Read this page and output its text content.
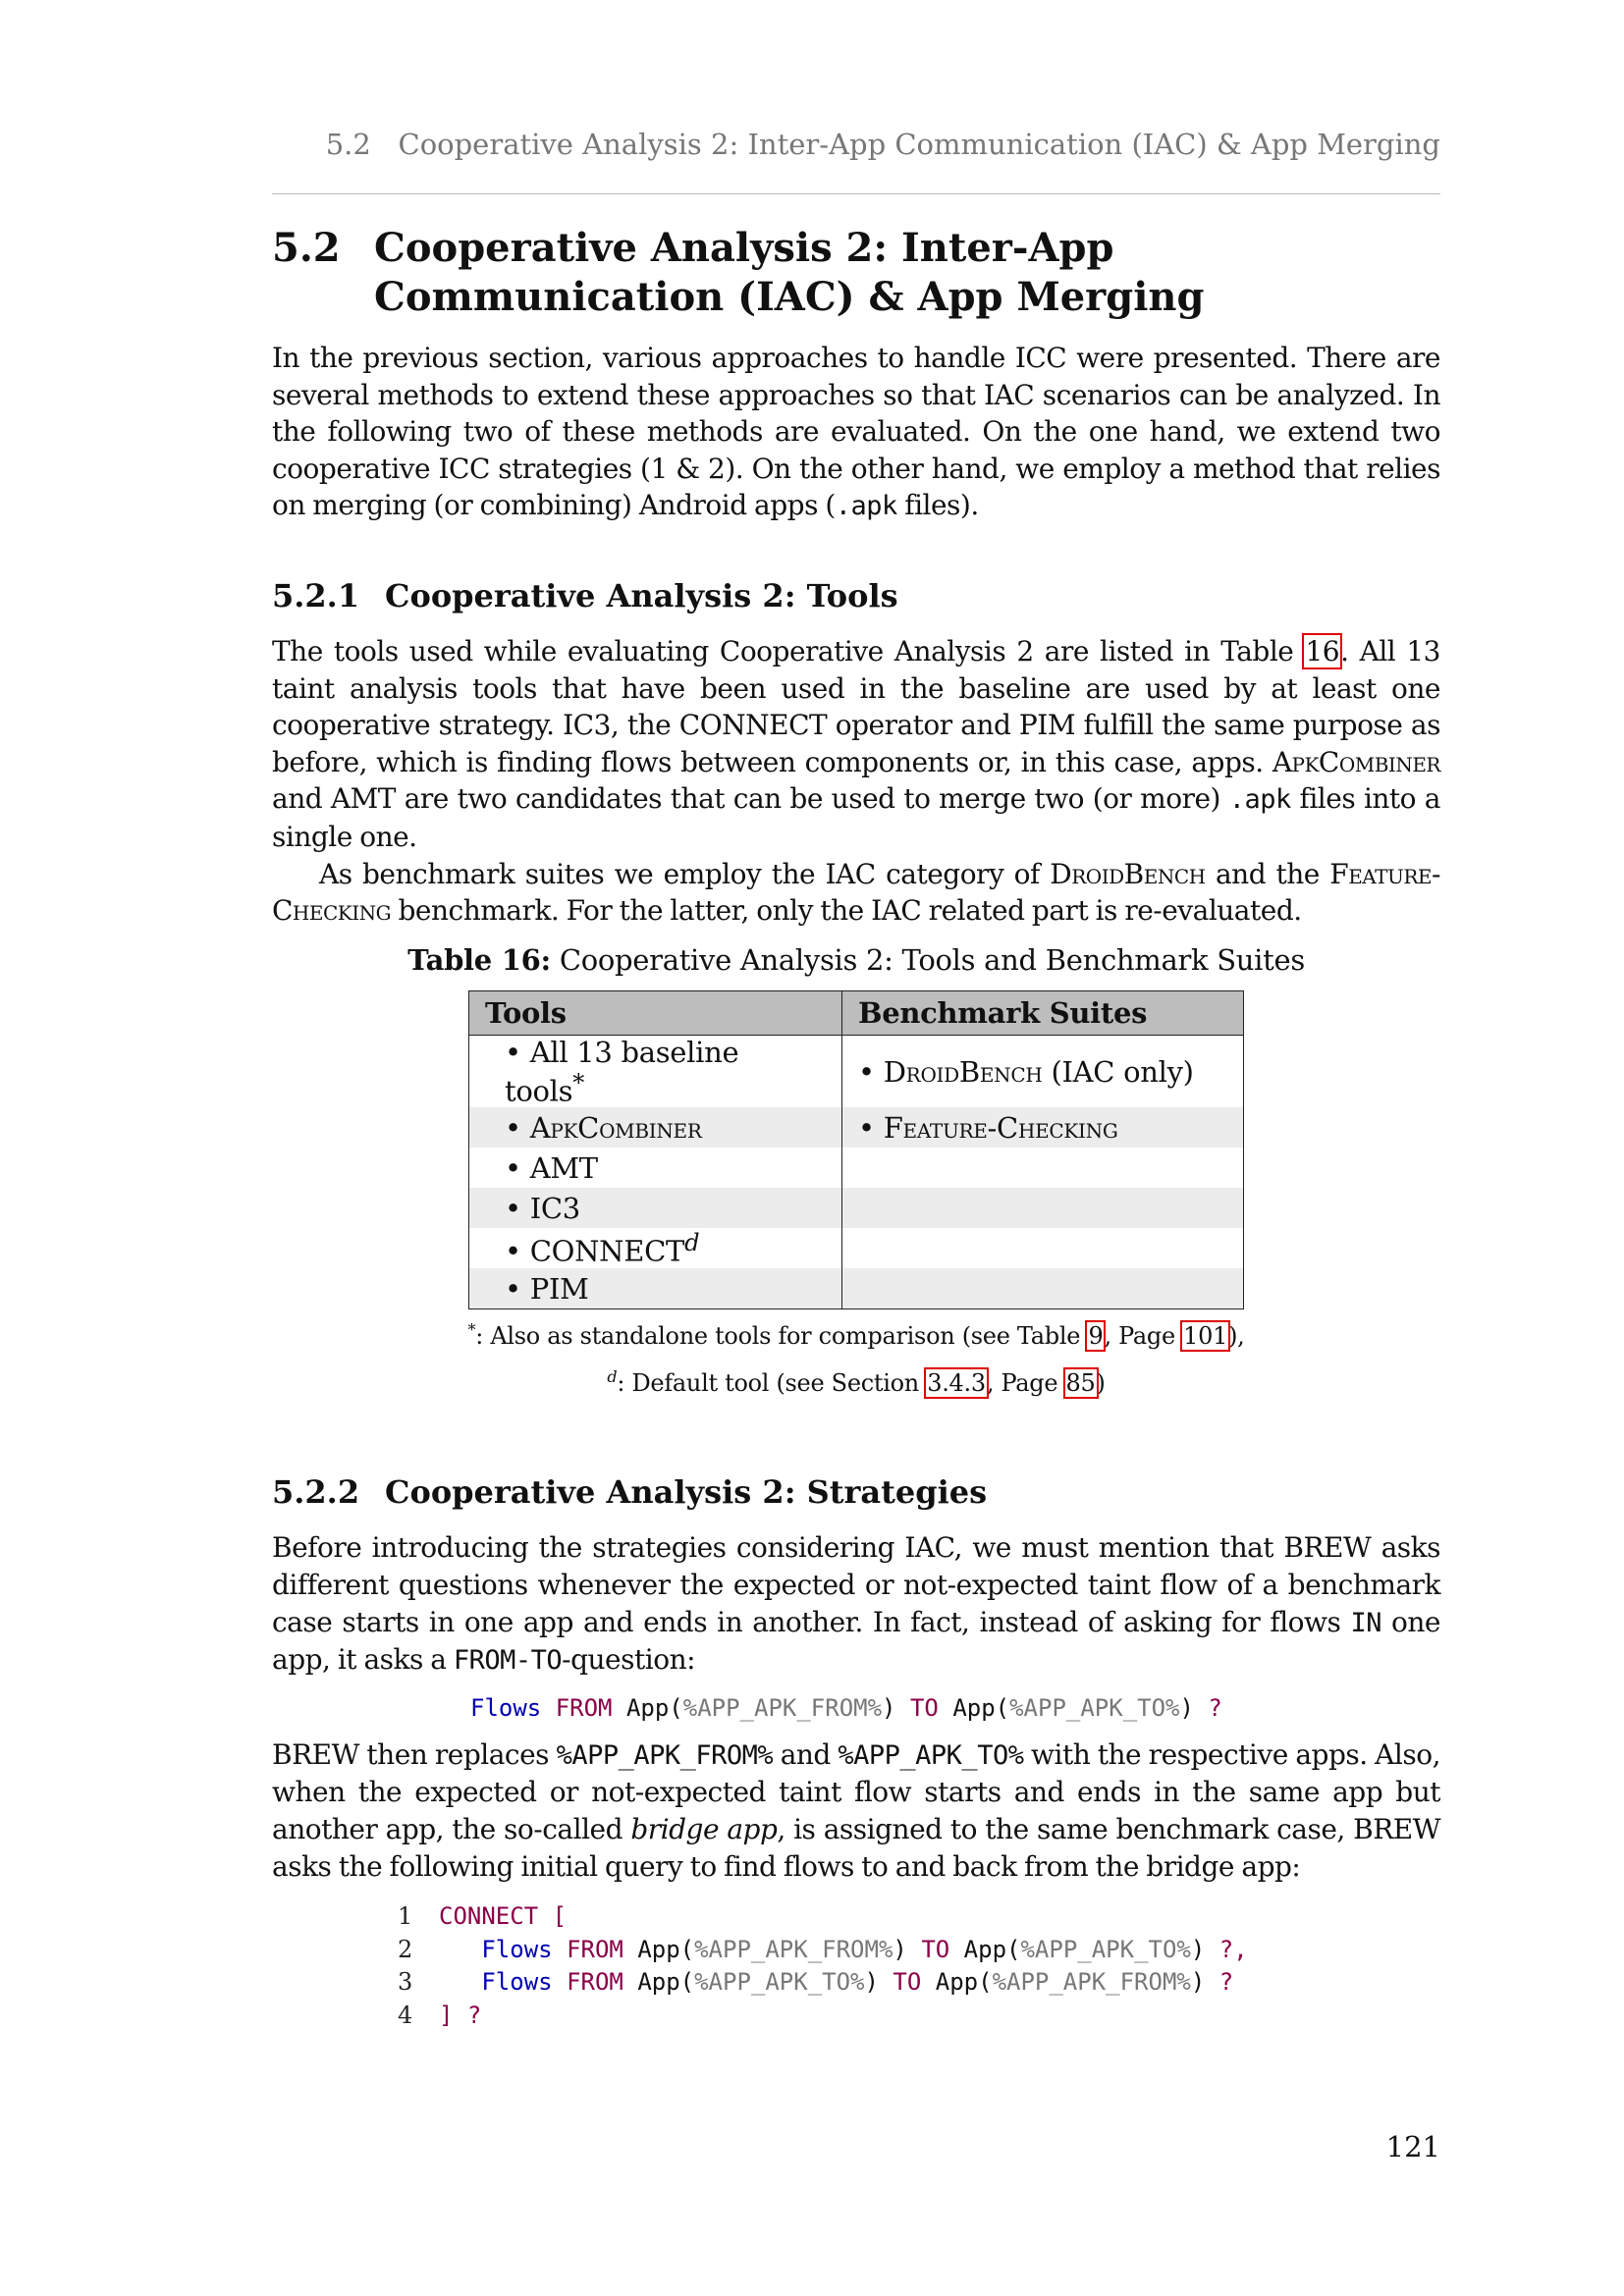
5.2   Cooperative Analysis 2: Inter-App Communication (IAC) & App Merging
5.2 Cooperative Analysis 2: Inter-App Communication (IAC) & App Merging

In the previous section, various approaches to handle ICC were presented. There are several methods to extend these approaches so that IAC scenarios can be analyzed. In the following two of these methods are evaluated. On the one hand, we extend two cooperative ICC strategies (1 & 2). On the other hand, we employ a method that relies on merging (or combining) Android apps (.apk files).

5.2.1 Cooperative Analysis 2: Tools

The tools used while evaluating Cooperative Analysis 2 are listed in Table 16. All 13 taint analysis tools that have been used in the baseline are used by at least one cooperative strategy. IC3, the CONNECT operator and PIM fulfill the same purpose as before, which is finding flows between components or, in this case, apps. ApkCombiner and AMT are two candidates that can be used to merge two (or more) .apk files into a single one.

As benchmark suites we employ the IAC category of DroidBench and the Feature-Checking benchmark. For the latter, only the IAC related part is re-evaluated.

Table 16: Cooperative Analysis 2: Tools and Benchmark Suites
Tools	Benchmark Suites
• All 13 baseline tools*	• DroidBench (IAC only)
• ApkCombiner	• Feature-Checking
• AMT	
• IC3	
• CONNECT$^d$	
• PIM	
*: Also as standalone tools for comparison (see Table 9, Page 101),
$^d$: Default tool (see Section 3.4.3, Page 85)
5.2.2 Cooperative Analysis 2: Strategies

Before introducing the strategies considering IAC, we must mention that BREW asks different questions whenever the expected or not-expected taint flow of a benchmark case starts in one app and ends in another. In fact, instead of asking for flows IN one app, it asks a FROM-TO-question:

Flows FROM App(%APP_APK_FROM%) TO App(%APP_APK_TO%) ?

BREW then replaces %APP_APK_FROM% and %APP_APK_TO% with the respective apps. Also, when the expected or not-expected taint flow starts and ends in the same app but another app, the so-called bridge app, is assigned to the same benchmark case, BREW asks the following initial query to find flows to and back from the bridge app:

1 CONNECT [
2	Flows FROM App(%APP_APK_FROM%) TO App(%APP_APK_TO%) ?,
3	Flows FROM App(%APP_APK_TO%) TO App(%APP_APK_FROM%) ?
4 ] ?
121
